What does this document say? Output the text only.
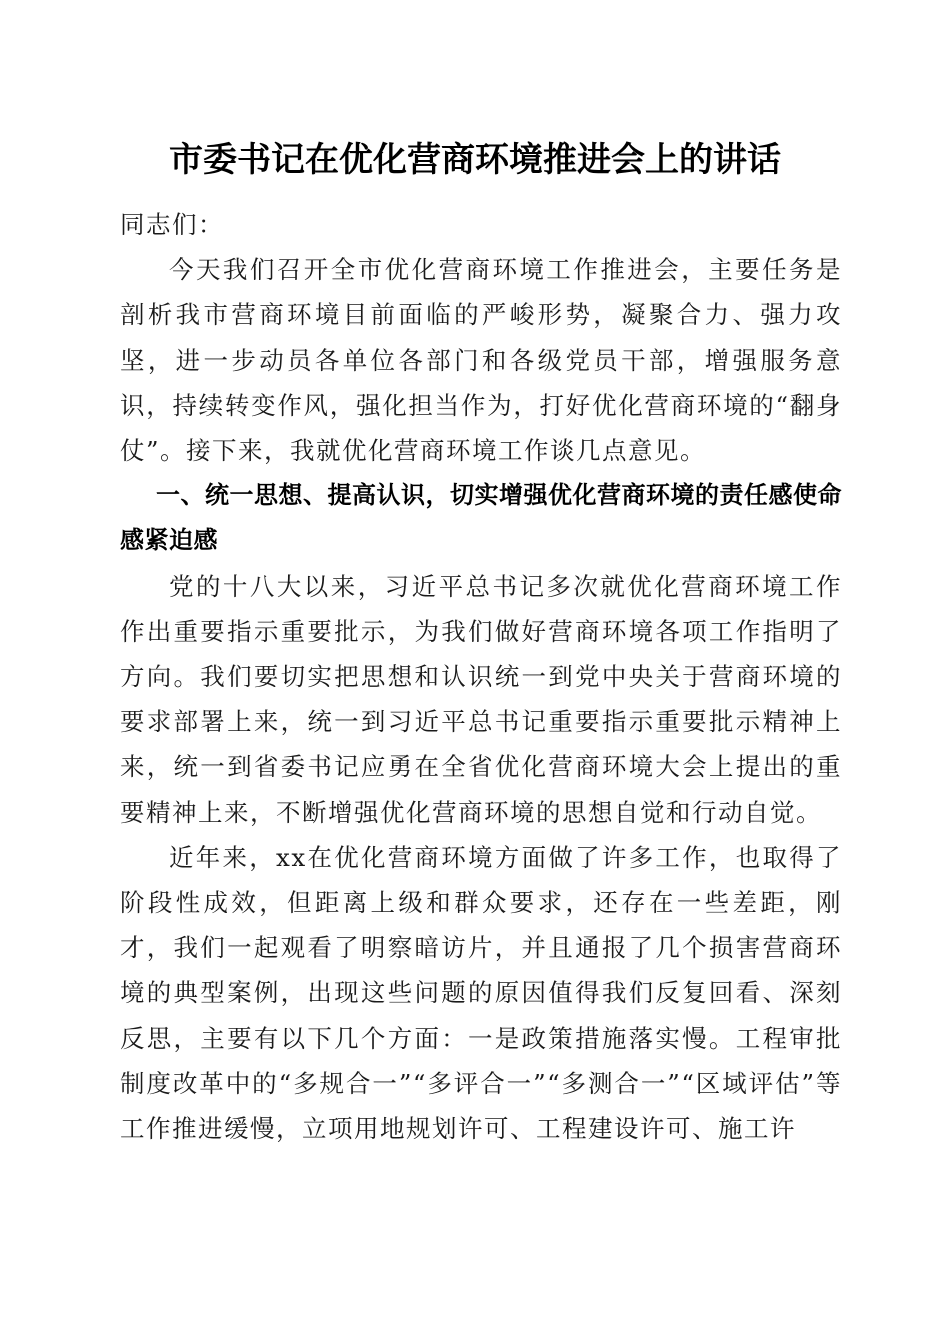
市委书记在优化营商环境推进会上的讲话

同志们：

今天我们召开全市优化营商环境工作推进会，主要任务是剖析我市营商环境目前面临的严峻形势，凝聚合力、强力攻坚，进一步动员各单位各部门和各级党员干部，增强服务意识，持续转变作风，强化担当作为，打好优化营商环境的“翻身仗”。接下来，我就优化营商环境工作谈几点意见。

一、统一思想、提高认识，切实增强优化营商环境的责任感使命感紧迫感

党的十八大以来，习近平总书记多次就优化营商环境工作作出重要指示重要批示，为我们做好营商环境各项工作指明了方向。我们要切实把思想和认识统一到党中央关于营商环境的要求部署上来，统一到习近平总书记重要指示重要批示精神上来，统一到省委书记应勇在全省优化营商环境大会上提出的重要精神上来，不断增强优化营商环境的思想自觉和行动自觉。

近年来，xx在优化营商环境方面做了许多工作，也取得了阶段性成效，但距离上级和群众要求，还存在一些差距，刚才，我们一起观看了明察暗访片，并且通报了几个损害营商环境的典型案例，出现这些问题的原因值得我们反复回看、深刻反思，主要有以下几个方面：一是政策措施落实慢。工程审批制度改革中的“多规合一”“多评合一”“多测合一”“区域评估”等工作推进缓慢，立项用地规划许可、工程建设许可、施工许
